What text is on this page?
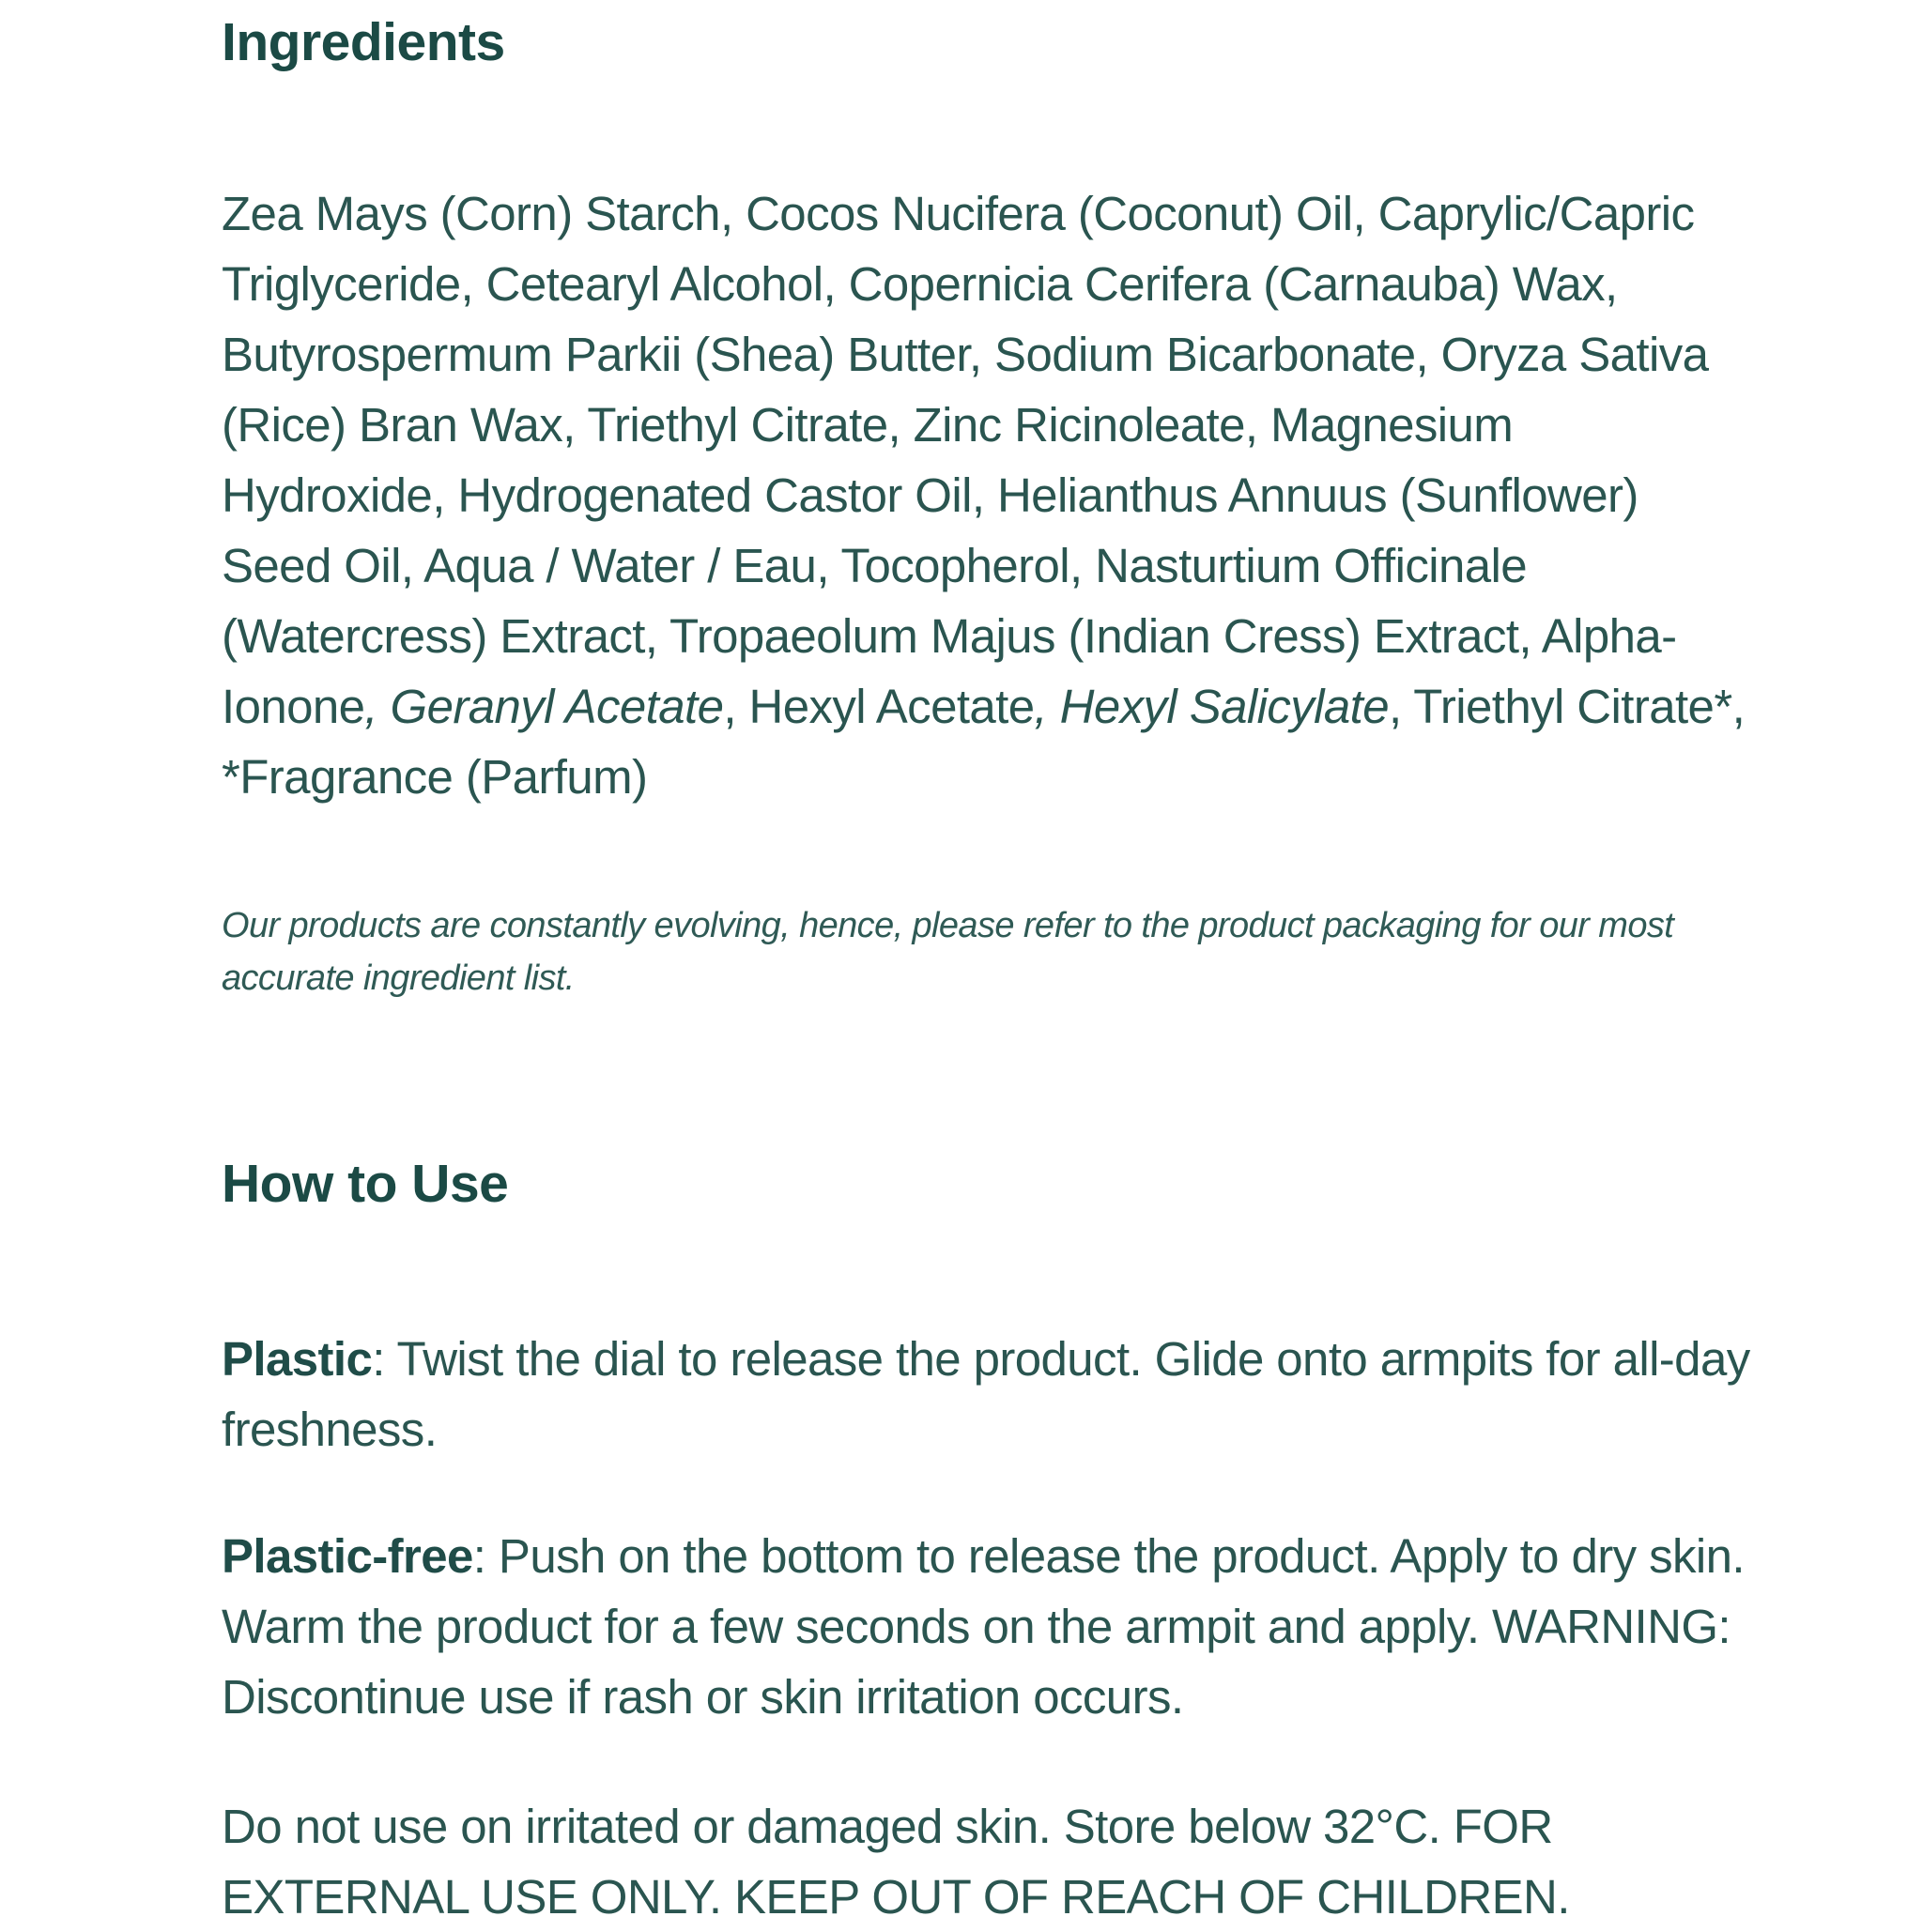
Ingredients

Zea Mays (Corn) Starch, Cocos Nucifera (Coconut) Oil, Caprylic/Capric Triglyceride, Cetearyl Alcohol, Copernicia Cerifera (Carnauba) Wax, Butyrospermum Parkii (Shea) Butter, Sodium Bicarbonate, Oryza Sativa (Rice) Bran Wax, Triethyl Citrate, Zinc Ricinoleate, Magnesium Hydroxide, Hydrogenated Castor Oil, Helianthus Annuus (Sunflower) Seed Oil, Aqua / Water / Eau, Tocopherol, Nasturtium Officinale (Watercress) Extract, Tropaeolum Majus (Indian Cress) Extract, Alpha-Ionone, Geranyl Acetate, Hexyl Acetate, Hexyl Salicylate, Triethyl Citrate*, *Fragrance (Parfum)

Our products are constantly evolving, hence, please refer to the product packaging for our most accurate ingredient list.

How to Use

Plastic: Twist the dial to release the product. Glide onto armpits for all-day freshness.

Plastic-free: Push on the bottom to release the product. Apply to dry skin. Warm the product for a few seconds on the armpit and apply. WARNING: Discontinue use if rash or skin irritation occurs.

Do not use on irritated or damaged skin. Store below 32°C. FOR EXTERNAL USE ONLY. KEEP OUT OF REACH OF CHILDREN.
